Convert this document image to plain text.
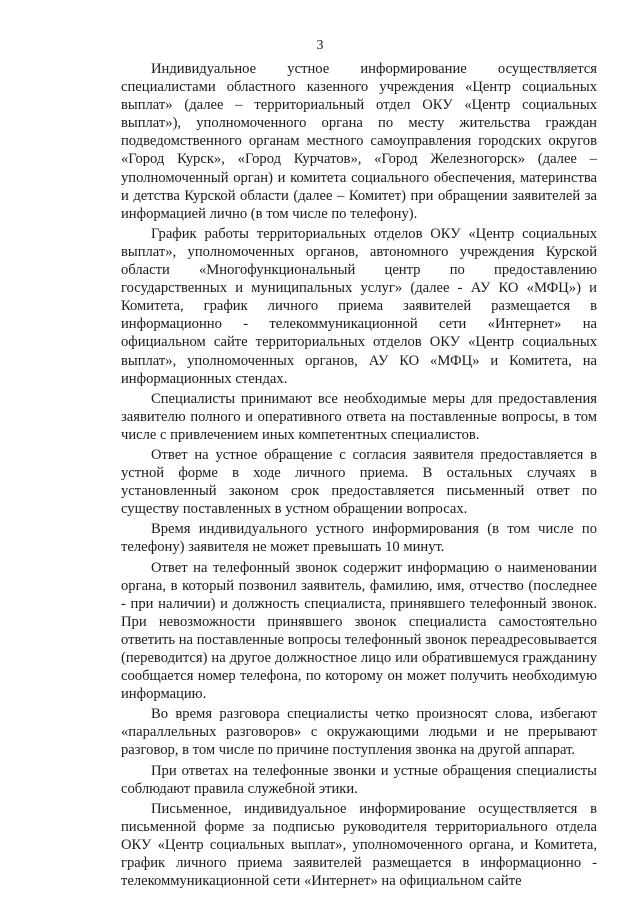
3

Индивидуальное устное информирование осуществляется специалистами областного казенного учреждения «Центр социальных выплат» (далее – территориальный отдел ОКУ «Центр социальных выплат»), уполномоченного органа по месту жительства граждан подведомственного органам местного самоуправления городских округов «Город Курск», «Город Курчатов», «Город Железногорск» (далее – уполномоченный орган) и комитета социального обеспечения, материнства и детства Курской области (далее – Комитет) при обращении заявителей за информацией лично (в том числе по телефону).

График работы территориальных отделов ОКУ «Центр социальных выплат», уполномоченных органов, автономного учреждения Курской области «Многофункциональный центр по предоставлению государственных и муниципальных услуг» (далее - АУ КО «МФЦ») и Комитета, график личного приема заявителей размещается в информационно - телекоммуникационной сети «Интернет» на официальном сайте территориальных отделов ОКУ «Центр социальных выплат», уполномоченных органов, АУ КО «МФЦ» и Комитета, на информационных стендах.

Специалисты принимают все необходимые меры для предоставления заявителю полного и оперативного ответа на поставленные вопросы, в том числе с привлечением иных компетентных специалистов.

Ответ на устное обращение с согласия заявителя предоставляется в устной форме в ходе личного приема. В остальных случаях в установленный законом срок предоставляется письменный ответ по существу поставленных в устном обращении вопросах.

Время индивидуального устного информирования (в том числе по телефону) заявителя не может превышать 10 минут.

Ответ на телефонный звонок содержит информацию о наименовании органа, в который позвонил заявитель, фамилию, имя, отчество (последнее - при наличии) и должность специалиста, принявшего телефонный звонок. При невозможности принявшего звонок специалиста самостоятельно ответить на поставленные вопросы телефонный звонок переадресовывается (переводится) на другое должностное лицо или обратившемуся гражданину сообщается номер телефона, по которому он может получить необходимую информацию.

Во время разговора специалисты четко произносят слова, избегают «параллельных разговоров» с окружающими людьми и не прерывают разговор, в том числе по причине поступления звонка на другой аппарат.

При ответах на телефонные звонки и устные обращения специалисты соблюдают правила служебной этики.

Письменное, индивидуальное информирование осуществляется в письменной форме за подписью руководителя территориального отдела ОКУ «Центр социальных выплат», уполномоченного органа, и Комитета, график личного приема заявителей размещается в информационно - телекоммуникационной сети «Интернет» на официальном сайте
